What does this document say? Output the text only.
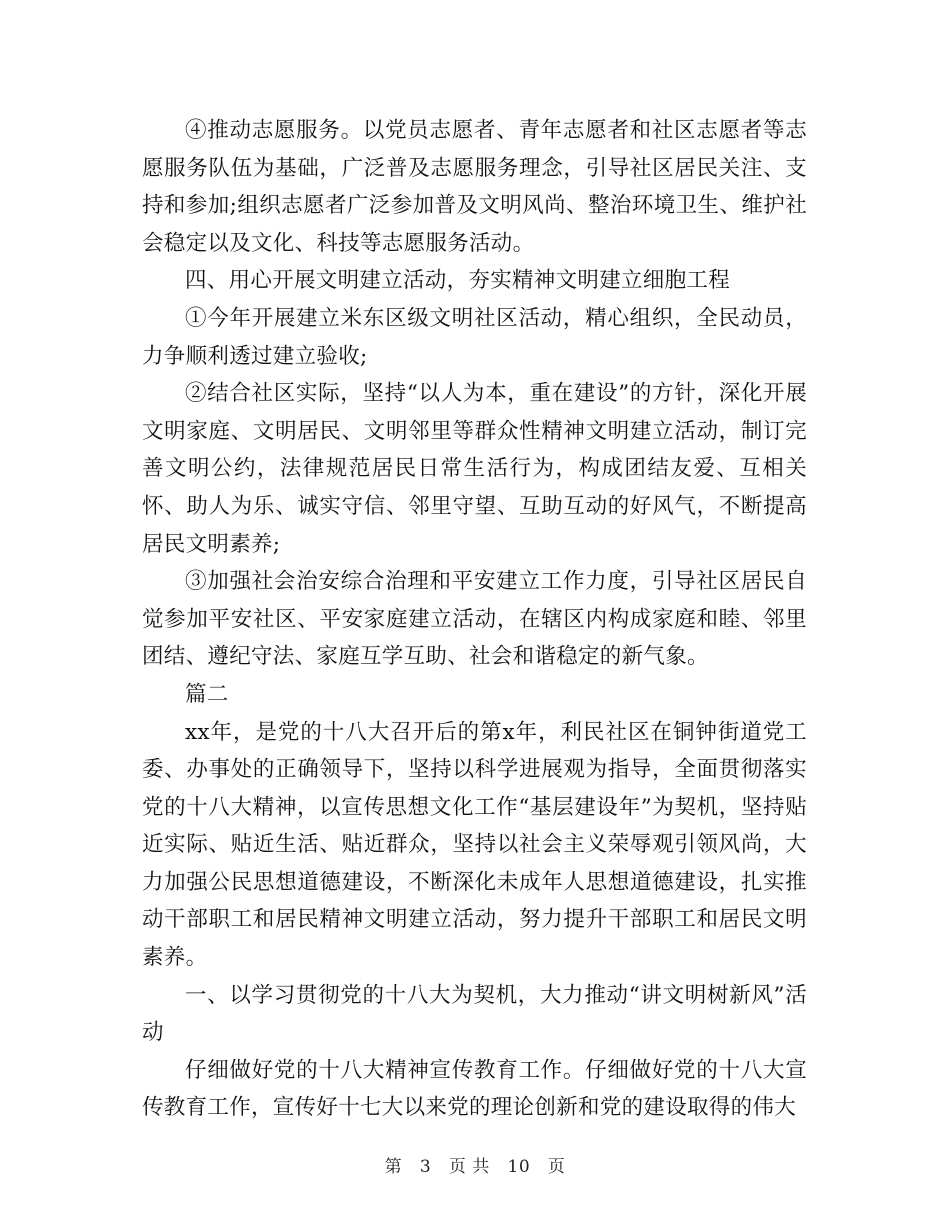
④推动志愿服务。以党员志愿者、青年志愿者和社区志愿者等志愿服务队伍为基础，广泛普及志愿服务理念，引导社区居民关注、支持和参加;组织志愿者广泛参加普及文明风尚、整治环境卫生、维护社会稳定以及文化、科技等志愿服务活动。

四、用心开展文明建立活动，夯实精神文明建立细胞工程

①今年开展建立米东区级文明社区活动，精心组织，全民动员，力争顺利透过建立验收;

②结合社区实际，坚持“以人为本，重在建设”的方针，深化开展文明家庭、文明居民、文明邻里等群众性精神文明建立活动，制订完善文明公约，法律规范居民日常生活行为，构成团结友爱、互相关怀、助人为乐、诚实守信、邻里守望、互助互动的好风气，不断提高居民文明素养;

③加强社会治安综合治理和平安建立工作力度，引导社区居民自觉参加平安社区、平安家庭建立活动，在辖区内构成家庭和睦、邻里团结、遵纪守法、家庭互学互助、社会和谐稳定的新气象。

篇二

xx年，是党的十八大召开后的第x年，利民社区在铜钟街道党工委、办事处的正确领导下，坚持以科学进展观为指导，全面贯彻落实党的十八大精神，以宣传思想文化工作“基层建设年”为契机，坚持贴近实际、贴近生活、贴近群众，坚持以社会主义荣辱观引领风尚，大力加强公民思想道德建设，不断深化未成年人思想道德建设，扎实推动干部职工和居民精神文明建立活动，努力提升干部职工和居民文明素养。

一、以学习贯彻党的十八大为契机，大力推动“讲文明树新风”活动

仔细做好党的十八大精神宣传教育工作。仔细做好党的十八大宣传教育工作，宣传好十七大以来党的理论创新和党的建设取得的伟大

第 3 页 共 10 页
